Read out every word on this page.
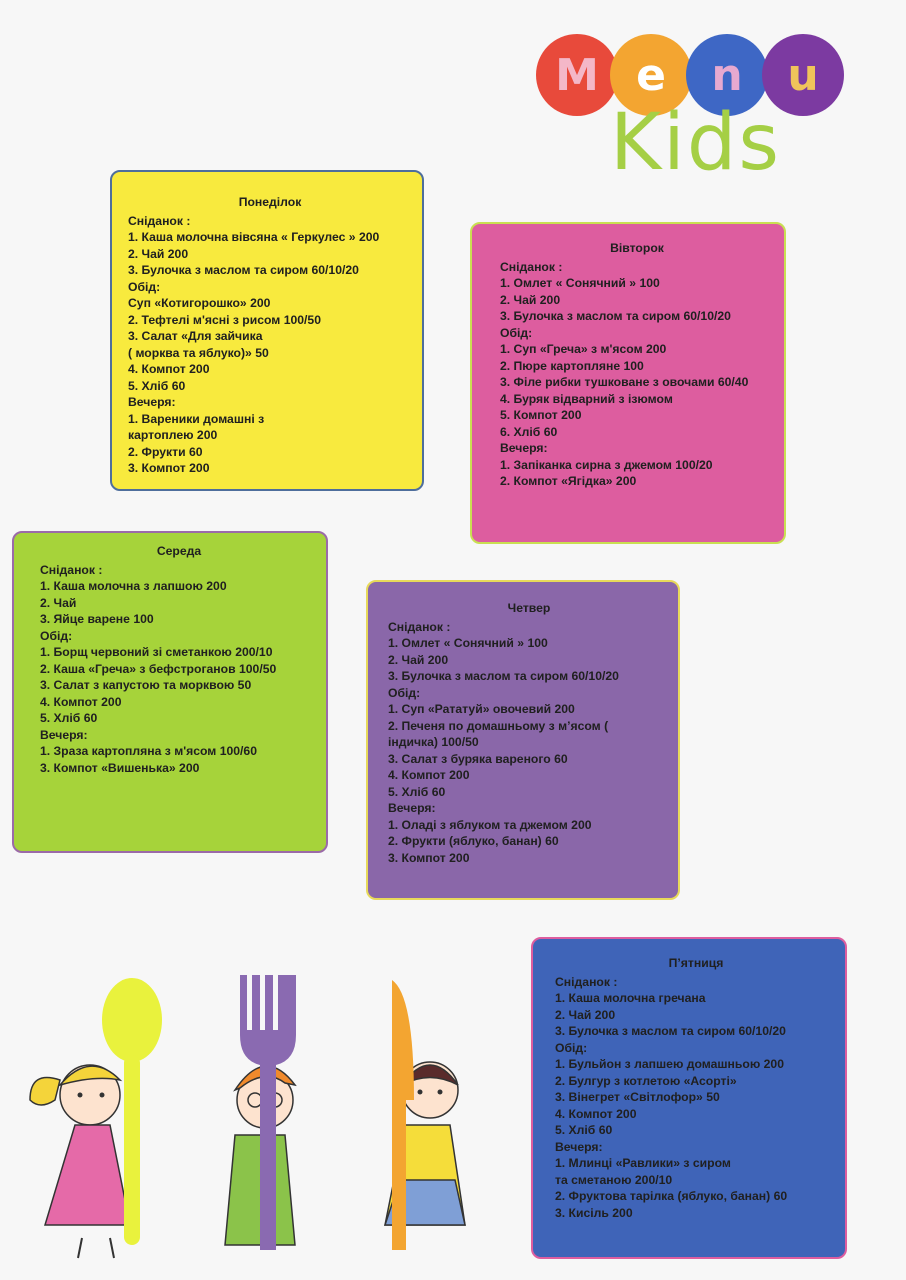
M e n u
Kids
Понеділок
Сніданок :
1. Каша молочна вівсяна « Геркулес » 200
2. Чай 200
3. Булочка з маслом та сиром 60/10/20
Обід:
Суп «Котигорошко» 200
2. Тефтелі м'ясні з рисом 100/50
3. Салат «Для зайчика
( морква та яблуко)» 50
4. Компот 200
5. Хліб 60
Вечеря:
1. Вареники домашні з
картоплею 200
2. Фрукти 60
3. Компот 200
Вівторок
Сніданок :
1. Омлет « Сонячний » 100
2. Чай 200
3. Булочка з маслом та сиром 60/10/20
Обід:
1. Суп «Греча» з м'ясом 200
2. Пюре картопляне 100
3. Філе рибки тушковане з овочами 60/40
4. Буряк відварний з ізюмом
5. Компот 200
6. Хліб 60
Вечеря:
1. Запіканка сирна з джемом 100/20
2. Компот «Ягідка» 200
Середа
Сніданок :
1. Каша молочна з лапшою 200
2. Чай
3. Яйце варене 100
Обід:
1. Борщ червоний зі сметанкою 200/10
2. Каша «Греча» з бефстроганов 100/50
3. Салат з капустою та морквою 50
4. Компот 200
5. Хліб 60
Вечеря:
1. Зраза картопляна з м'ясом 100/60
3. Компот «Вишенька» 200
Четвер
Сніданок :
1. Омлет « Сонячний » 100
2. Чай 200
3. Булочка з маслом та сиром 60/10/20
Обід:
1. Суп «Рататуй» овочевий 200
2. Печеня по домашньому з м’ясом (
індичка) 100/50
3. Салат з буряка вареного 60
4. Компот 200
5. Хліб 60
Вечеря:
1. Оладі з яблуком та джемом 200
2. Фрукти (яблуко, банан) 60
3. Компот 200
П’ятниця
Сніданок :
1. Каша молочна гречана
2. Чай 200
3. Булочка з маслом та сиром 60/10/20
Обід:
1. Бульйон з лапшею домашньою 200
2. Булгур з котлетою «Асорті»
3. Вінегрет «Світлофор» 50
4. Компот 200
5. Хліб 60
Вечеря:
1. Млинці «Равлики» з сиром
та сметаною 200/10
2. Фруктова тарілка (яблуко, банан) 60
3. Кисіль 200
